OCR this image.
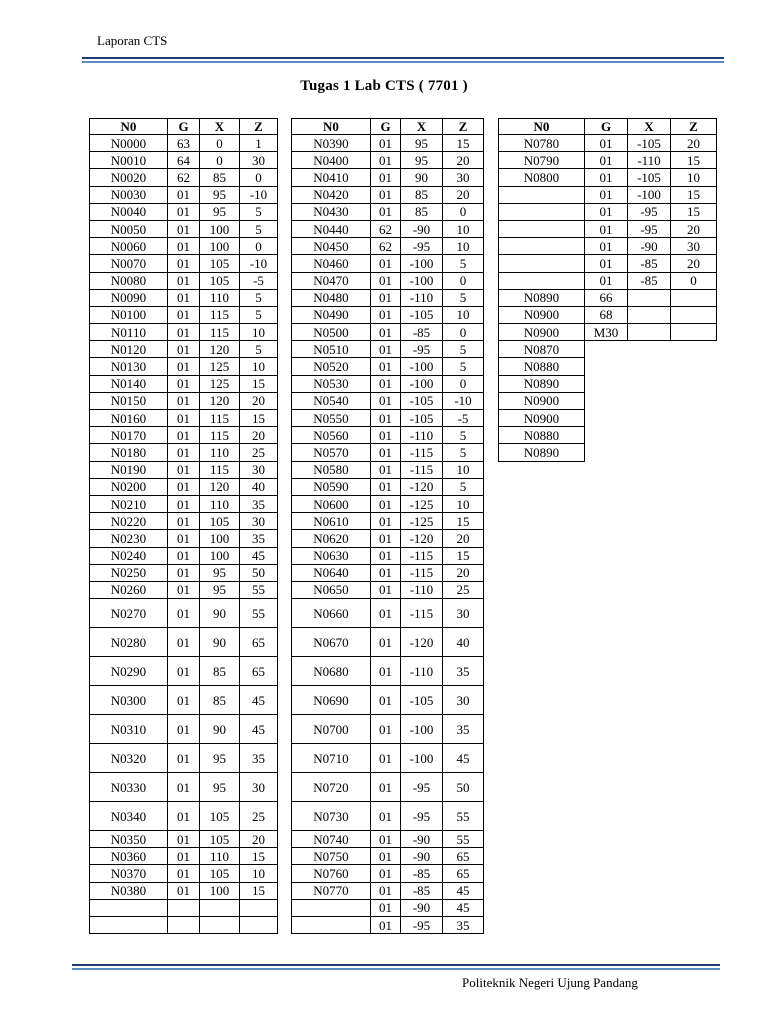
Laporan CTS
Tugas 1 Lab CTS ( 7701 )
N0	G	X	Z
N0000	63	0	1
N0010	64	0	30
N0020	62	85	0
N0030	01	95	-10
N0040	01	95	5
N0050	01	100	5
N0060	01	100	0
N0070	01	105	-10
N0080	01	105	-5
N0090	01	110	5
N0100	01	115	5
N0110	01	115	10
N0120	01	120	5
N0130	01	125	10
N0140	01	125	15
N0150	01	120	20
N0160	01	115	15
N0170	01	115	20
N0180	01	110	25
N0190	01	115	30
N0200	01	120	40
N0210	01	110	35
N0220	01	105	30
N0230	01	100	35
N0240	01	100	45
N0250	01	95	50
N0260	01	95	55
N0270	01	90	55
N0280	01	90	65
N0290	01	85	65
N0300	01	85	45
N0310	01	90	45
N0320	01	95	35
N0330	01	95	30
N0340	01	105	25
N0350	01	105	20
N0360	01	110	15
N0370	01	105	10
N0380	01	100	15

N0	G	X	Z
N0390	01	95	15
N0400	01	95	20
N0410	01	90	30
N0420	01	85	20
N0430	01	85	0
N0440	62	-90	10
N0450	62	-95	10
N0460	01	-100	5
N0470	01	-100	0
N0480	01	-110	5
N0490	01	-105	10
N0500	01	-85	0
N0510	01	-95	5
N0520	01	-100	5
N0530	01	-100	0
N0540	01	-105	-10
N0550	01	-105	-5
N0560	01	-110	5
N0570	01	-115	5
N0580	01	-115	10
N0590	01	-120	5
N0600	01	-125	10
N0610	01	-125	15
N0620	01	-120	20
N0630	01	-115	15
N0640	01	-115	20
N0650	01	-110	25
N0660	01	-115	30
N0670	01	-120	40
N0680	01	-110	35
N0690	01	-105	30
N0700	01	-100	35
N0710	01	-100	45
N0720	01	-95	50
N0730	01	-95	55
N0740	01	-90	55
N0750	01	-90	65
N0760	01	-85	65
N0770	01	-85	45
	01	-90	45
	01	-95	35
N0	G	X	Z
N0780	01	-105	20
N0790	01	-110	15
N0800	01	-105	10
	01	-100	15
	01	-95	15
	01	-95	20
	01	-90	30
	01	-85	20
	01	-85	0
N0890	66		
N0900	68		
N0900	M30		
N0870			
N0880			
N0890			
N0900			
N0900			
N0880			
N0890			
Politeknik Negeri Ujung Pandang
